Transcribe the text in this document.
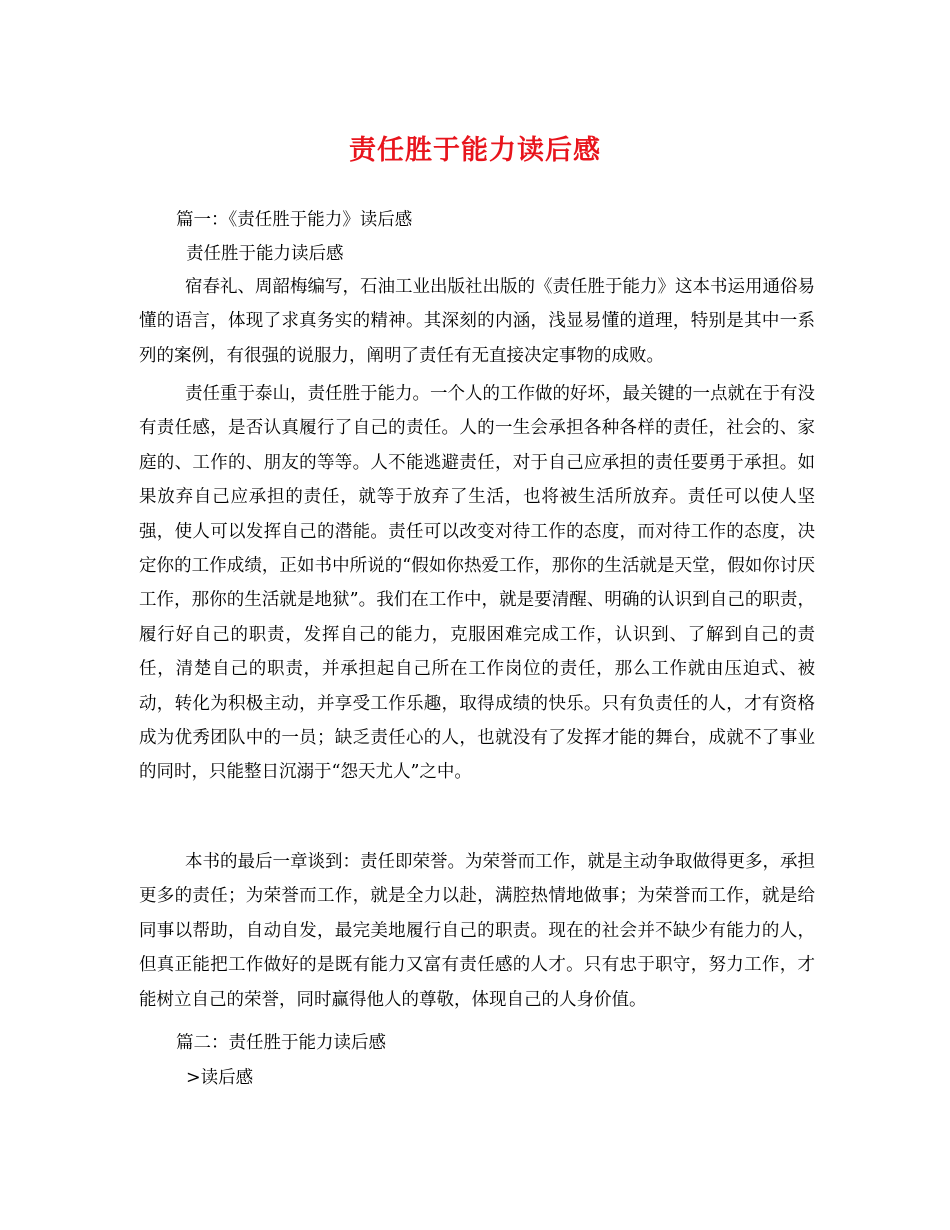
责任胜于能力读后感
篇一：《责任胜于能力》读后感
责任胜于能力读后感

宿春礼、周韶梅编写，石油工业出版社出版的《责任胜于能力》这本书运用通俗易懂的语言，体现了求真务实的精神。其深刻的内涵，浅显易懂的道理，特别是其中一系列的案例，有很强的说服力，阐明了责任有无直接决定事物的成败。

责任重于泰山，责任胜于能力。一个人的工作做的好坏，最关键的一点就在于有没有责任感，是否认真履行了自己的责任。人的一生会承担各种各样的责任，社会的、家庭的、工作的、朋友的等等。人不能逃避责任，对于自己应承担的责任要勇于承担。如果放弃自己应承担的责任，就等于放弃了生活，也将被生活所放弃。责任可以使人坚强，使人可以发挥自己的潜能。责任可以改变对待工作的态度，而对待工作的态度，决定你的工作成绩，正如书中所说的“假如你热爱工作，那你的生活就是天堂，假如你讨厌工作，那你的生活就是地狱”。我们在工作中，就是要清醒、明确的认识到自己的职责，履行好自己的职责，发挥自己的能力，克服困难完成工作，认识到、了解到自己的责任，清楚自己的职责，并承担起自己所在工作岗位的责任，那么工作就由压迫式、被动，转化为积极主动，并享受工作乐趣，取得成绩的快乐。只有负责任的人，才有资格成为优秀团队中的一员；缺乏责任心的人，也就没有了发挥才能的舞台，成就不了事业的同时，只能整日沉溺于“怨天尤人”之中。

本书的最后一章谈到：责任即荣誉。为荣誉而工作，就是主动争取做得更多，承担更多的责任；为荣誉而工作，就是全力以赴，满腔热情地做事；为荣誉而工作，就是给同事以帮助，自动自发，最完美地履行自己的职责。现在的社会并不缺少有能力的人，但真正能把工作做好的是既有能力又富有责任感的人才。只有忠于职守，努力工作，才能树立自己的荣誉，同时赢得他人的尊敬，体现自己的人身价值。

篇二：责任胜于能力读后感
>读后感
